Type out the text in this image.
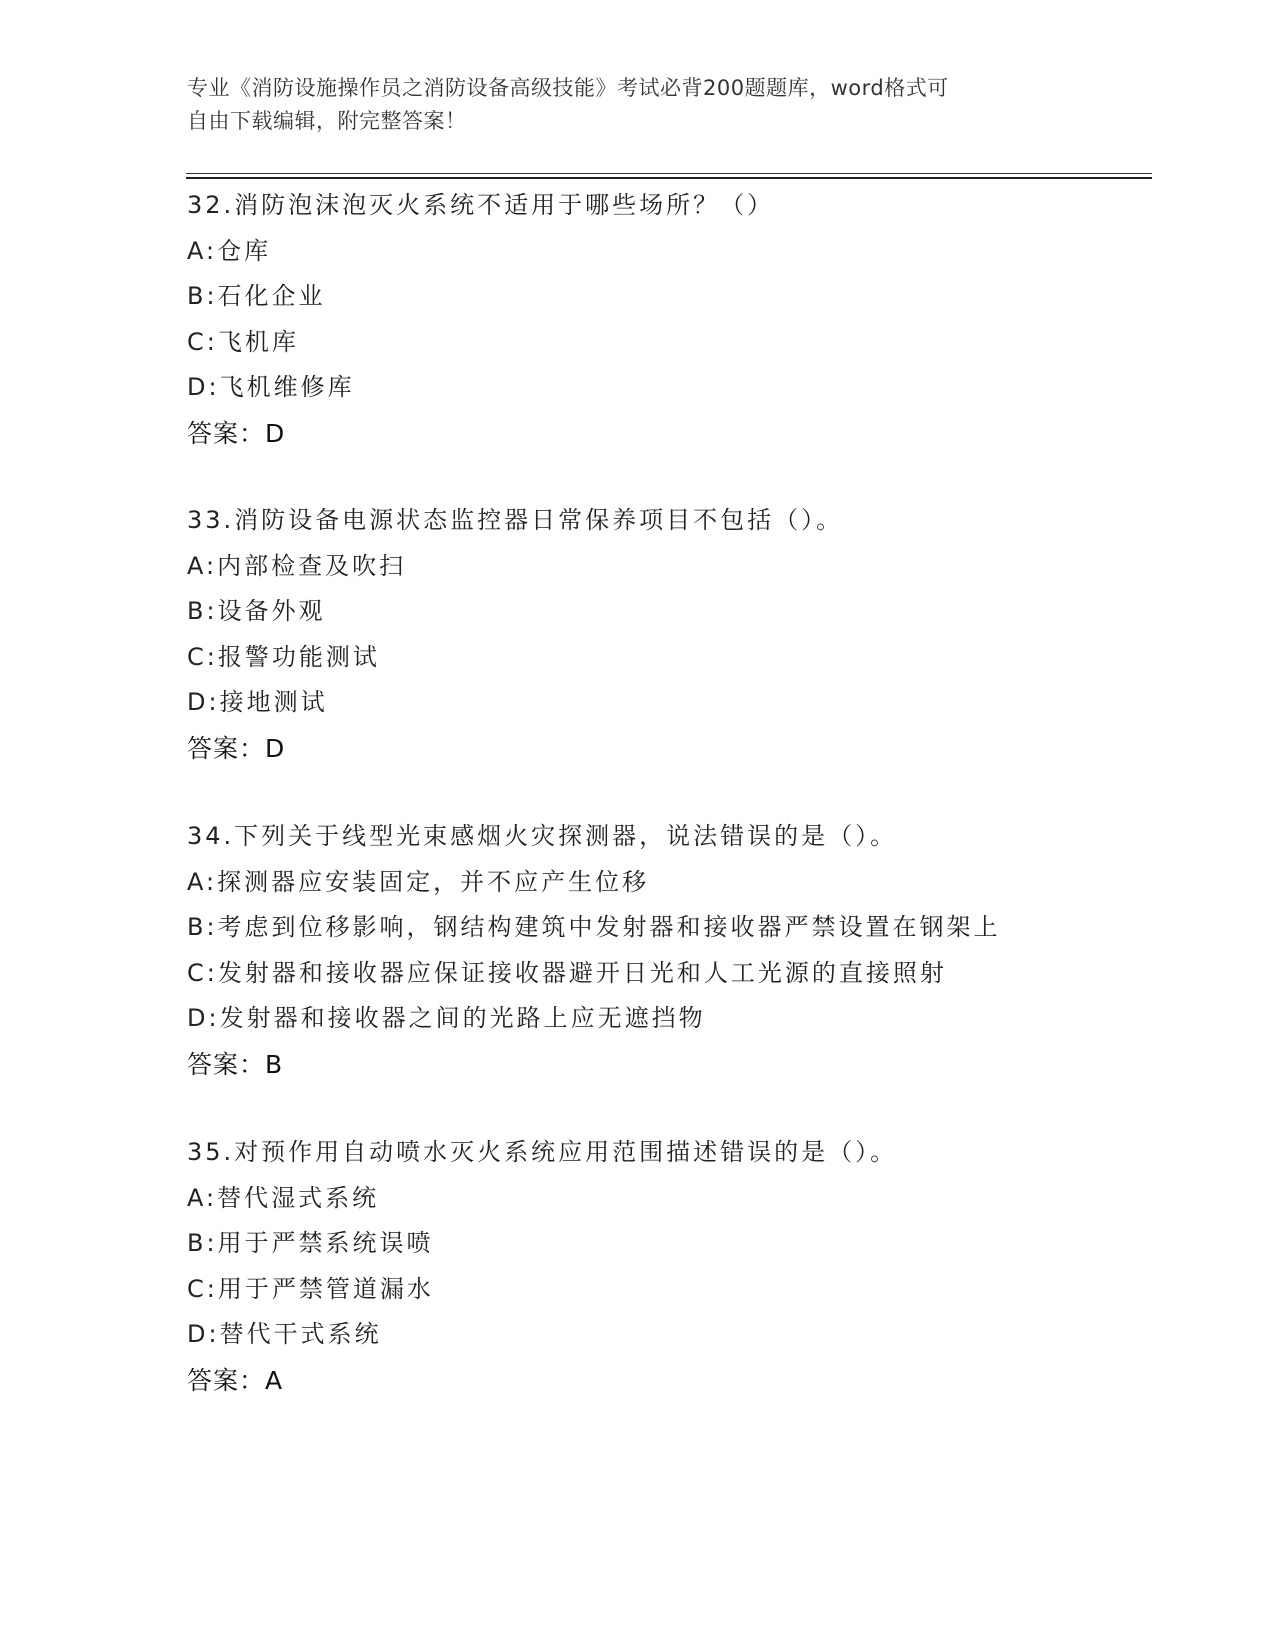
专业《消防设施操作员之消防设备高级技能》考试必背200题题库，word格式可
自由下载编辑，附完整答案！
32.消防泡沫泡灭火系统不适用于哪些场所？（）
A:仓库
B:石化企业
C:飞机库
D:飞机维修库
答案：D
33.消防设备电源状态监控器日常保养项目不包括（）。
A:内部检查及吹扫
B:设备外观
C:报警功能测试
D:接地测试
答案：D
34.下列关于线型光束感烟火灾探测器，说法错误的是（）。
A:探测器应安装固定，并不应产生位移
B:考虑到位移影响，钢结构建筑中发射器和接收器严禁设置在钢架上
C:发射器和接收器应保证接收器避开日光和人工光源的直接照射
D:发射器和接收器之间的光路上应无遮挡物
答案：B
35.对预作用自动喷水灭火系统应用范围描述错误的是（）。
A:替代湿式系统
B:用于严禁系统误喷
C:用于严禁管道漏水
D:替代干式系统
答案：A
